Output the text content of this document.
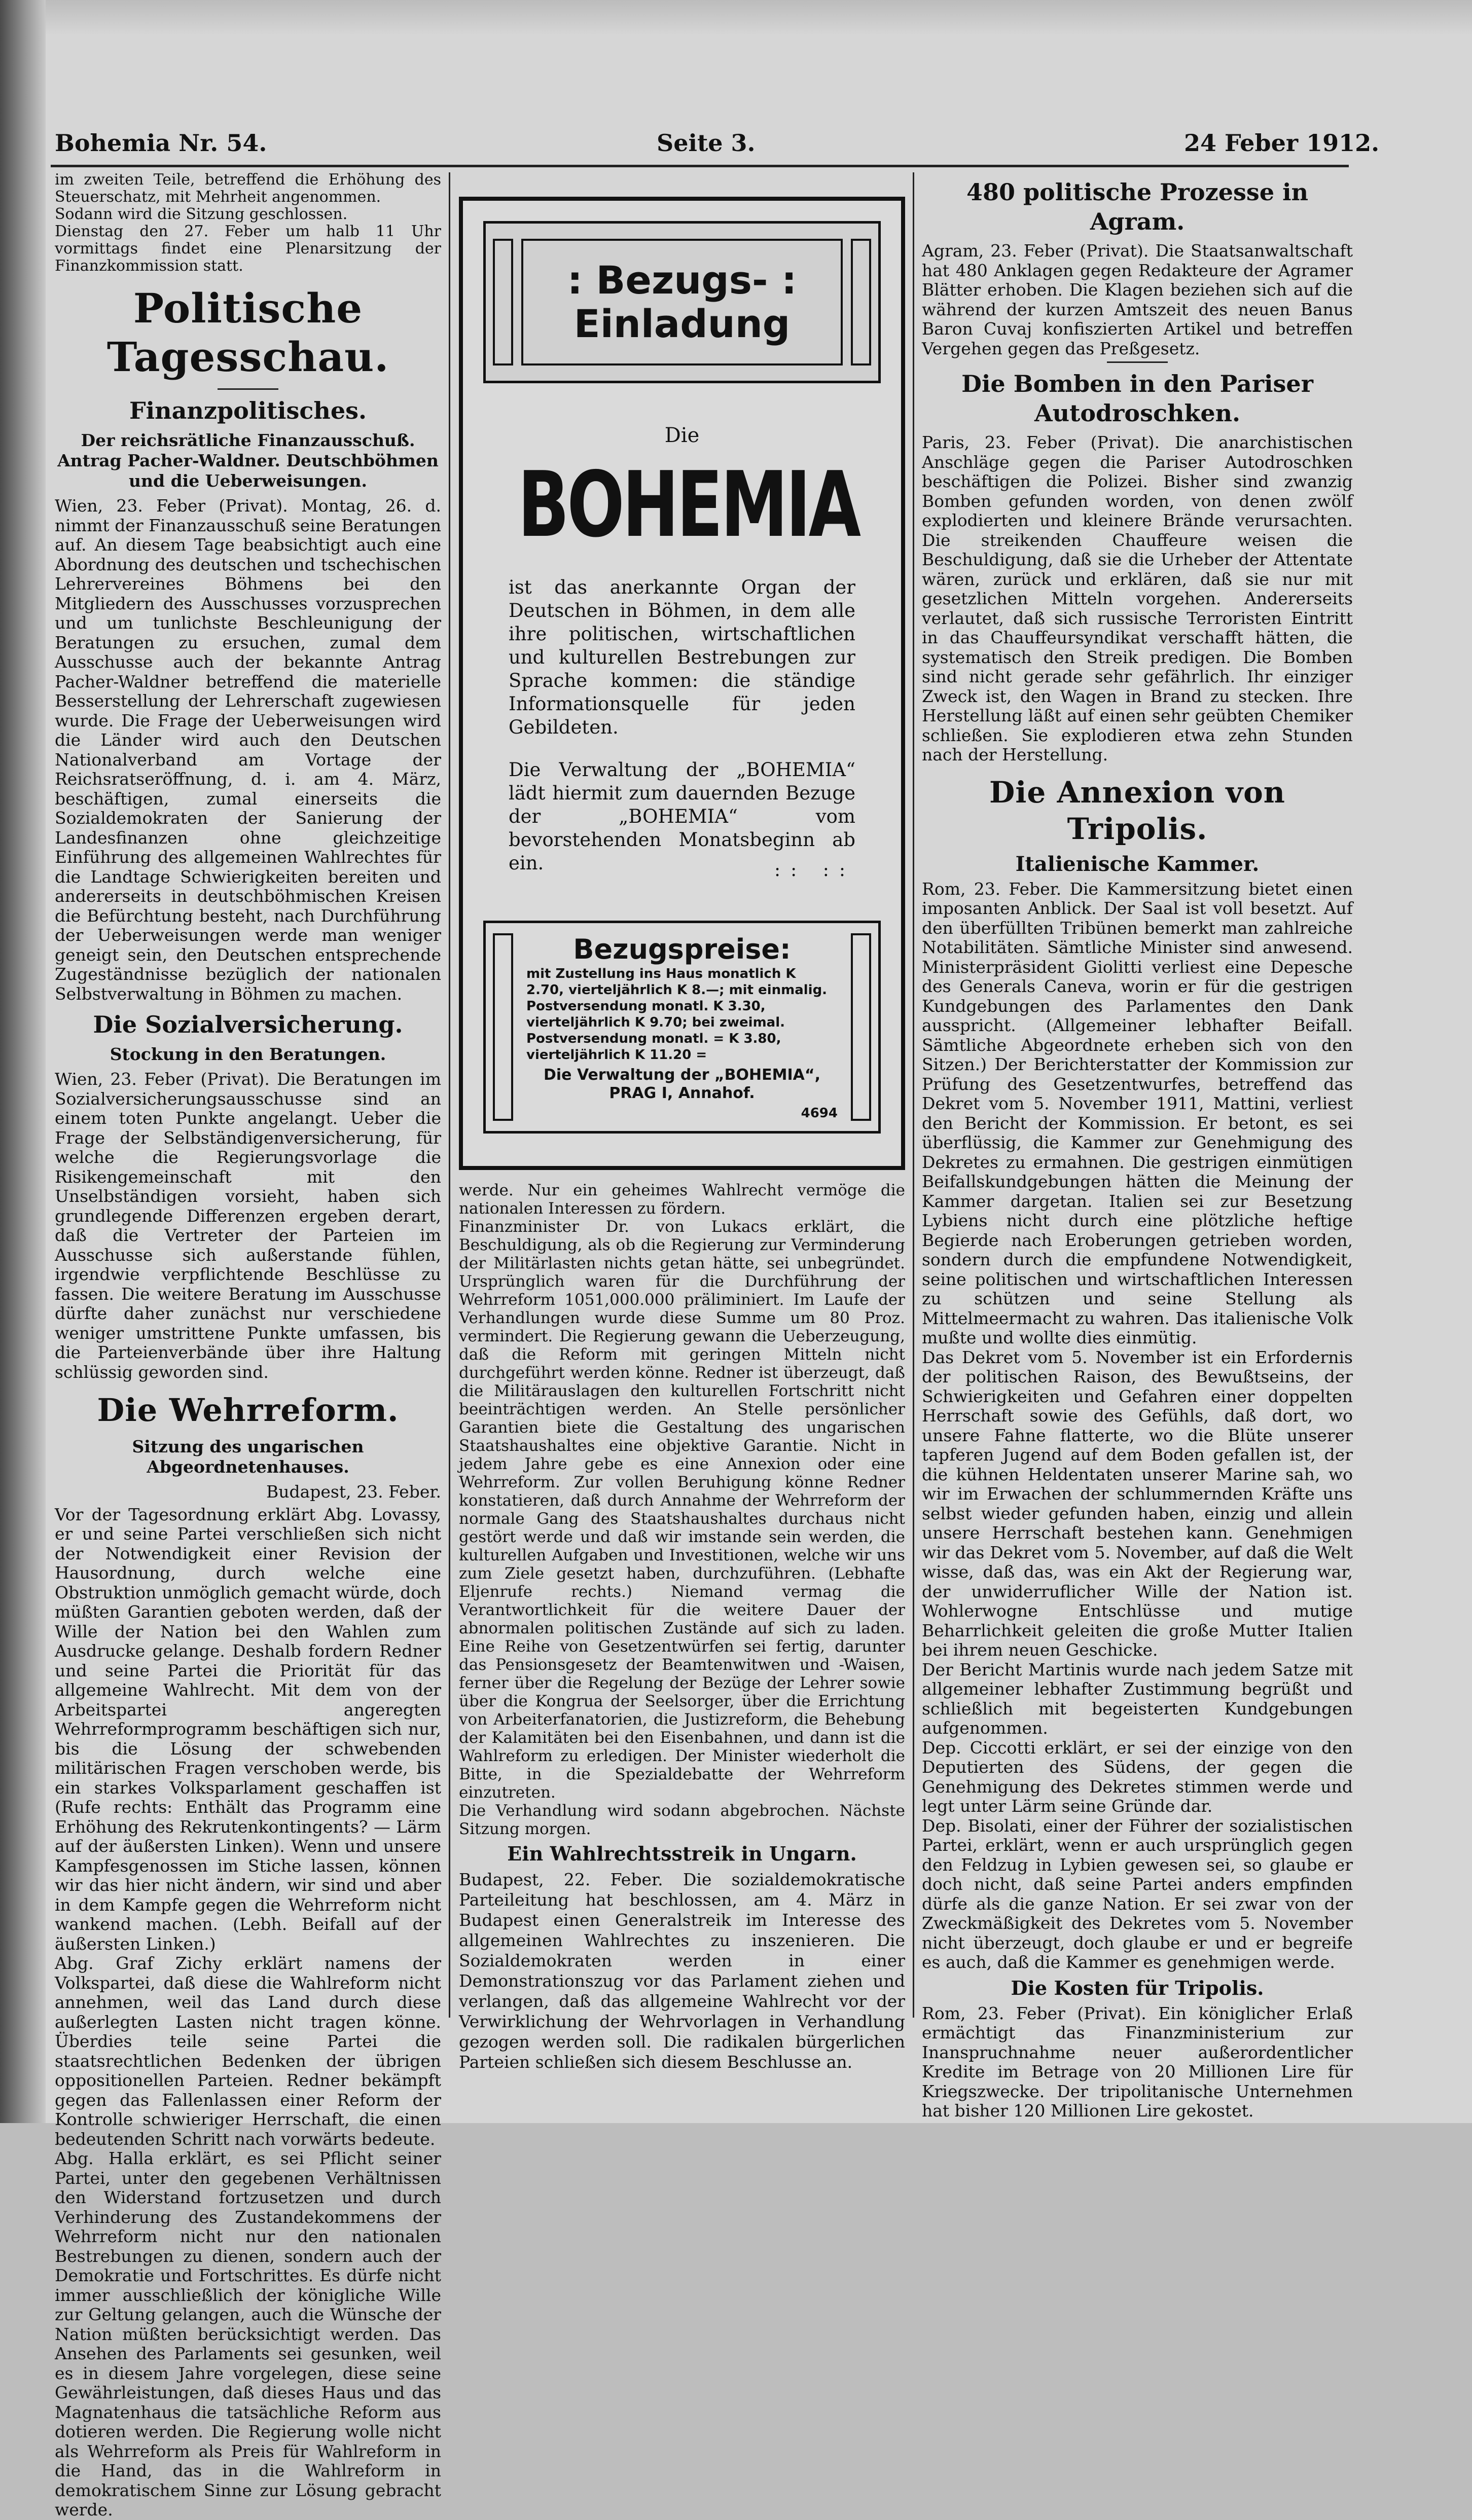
Bohemia Nr. 54.	Seite 3.	24 Feber 1912.

im zweiten Teile, betreffend die Erhöhung des Steuerschatz, mit Mehrheit angenommen.
Sodann wird die Sitzung geschlossen.
Dienstag den 27. Feber um halb 11 Uhr vormittags findet eine Plenarsitzung der Finanzkommission statt.

Politische Tagesschau.
Finanzpolitisches.
Der reichsrätliche Finanzausschuß. Antrag Pacher-Waldner. Deutschböhmen und die Ueberweisungen.

Wien, 23. Feber (Privat). Montag, 26. d. nimmt der Finanzausschuß seine Beratungen auf. An diesem Tage beabsichtigt auch eine Abordnung des deutschen und tschechischen Lehrervereines Böhmens bei den Mitgliedern des Ausschusses vorzusprechen und um tunlichste Beschleunigung der Beratungen zu ersuchen, zumal dem Ausschusse auch der bekannte Antrag Pacher-Waldner betreffend die materielle Besserstellung der Lehrerschaft zugewiesen wurde. Die Frage der Ueberweisungen wird die Länder wird auch den Deutschen Nationalverband am Vortage der Reichsratseröffnung, d. i. am 4. März, beschäftigen, zumal einerseits die Sozialdemokraten der Sanierung der Landesfinanzen ohne gleichzeitige Einführung des allgemeinen Wahlrechtes für die Landtage Schwierigkeiten bereiten und andererseits in deutschböhmischen Kreisen die Befürchtung besteht, nach Durchführung der Ueberweisungen werde man weniger geneigt sein, den Deutschen entsprechende Zugeständnisse bezüglich der nationalen Selbstverwaltung in Böhmen zu machen.

Die Sozialversicherung.
Stockung in den Beratungen.

Wien, 23. Feber (Privat). Die Beratungen im Sozialversicherungsausschusse sind an einem toten Punkte angelangt. Ueber die Frage der Selbständigenversicherung, für welche die Regierungsvorlage die Risikengemeinschaft mit den Unselbständigen vorsieht, haben sich grundlegende Differenzen ergeben derart, daß die Vertreter der Parteien im Ausschusse sich außerstande fühlen, irgendwie verpflichtende Beschlüsse zu fassen. Die weitere Beratung im Ausschusse dürfte daher zunächst nur verschiedene weniger umstrittene Punkte umfassen, bis die Parteienverbände über ihre Haltung schlüssig geworden sind.

Die Wehrreform.
Sitzung des ungarischen Abgeordnetenhauses.

Budapest, 23. Feber.

Vor der Tagesordnung erklärt Abg. Lovassy, er und seine Partei verschließen sich nicht der Notwendigkeit einer Revision der Hausordnung, durch welche eine Obstruktion unmöglich gemacht würde, doch müßten Garantien geboten werden, daß der Wille der Nation bei den Wahlen zum Ausdrucke gelange. Deshalb fordern Redner und seine Partei die Priorität für das allgemeine Wahlrecht. Mit dem von der Arbeitspartei angeregten Wehrreformprogramm beschäftigen sich nur, bis die Lösung der schwebenden militärischen Fragen verschoben werde, bis ein starkes Volksparlament geschaffen ist (Rufe rechts: Enthält das Programm eine Erhöhung des Rekrutenkontingents? — Lärm auf der äußersten Linken). Wenn und unsere Kampfesgenossen im Stiche lassen, können wir das hier nicht ändern, wir sind und aber in dem Kampfe gegen die Wehrreform nicht wankend machen. (Lebh. Beifall auf der äußersten Linken.)
Abg. Graf Zichy erklärt namens der Volkspartei, daß diese die Wahlreform nicht annehmen, weil das Land durch diese außerlegten Lasten nicht tragen könne. Überdies teile seine Partei die staatsrechtlichen Bedenken der übrigen oppositionellen Parteien. Redner bekämpft gegen das Fallenlassen einer Reform der Kontrolle schwieriger Herrschaft, die einen bedeutenden Schritt nach vorwärts bedeute.
Abg. Halla erklärt, es sei Pflicht seiner Partei, unter den gegebenen Verhältnissen den Widerstand fortzusetzen und durch Verhinderung des Zustandekommens der Wehrreform nicht nur den nationalen Bestrebungen zu dienen, sondern auch der Demokratie und Fortschrittes. Es dürfe nicht immer ausschließlich der königliche Wille zur Geltung gelangen, auch die Wünsche der Nation müßten berücksichtigt werden. Das Ansehen des Parlaments sei gesunken, weil es in diesem Jahre vorgelegen, diese seine Gewährleistungen, daß dieses Haus und das Magnatenhaus die tatsächliche Reform aus dotieren werden. Die Regierung wolle nicht als Wehrreform als Preis für Wahlreform in die Hand, das in die Wahlreform in demokratischem Sinne zur Lösung gebracht werde.

: Bezugs- :
Einladung
Die
BOHEMIA
ist das anerkannte Organ der Deutschen in Böhmen, in dem alle ihre politischen, wirtschaftlichen und kulturellen Bestrebungen zur Sprache kommen: die ständige Informationsquelle für jeden Gebildeten.
Die Verwaltung der „BOHEMIA“ lädt hiermit zum dauernden Bezuge der „BOHEMIA“ vom bevorstehenden Monatsbeginn ab ein.	:: ::
Bezugspreise:
mit Zustellung ins Haus monatlich K 2.70, vierteljährlich K 8.—; mit einmalig. Postversendung monatl. K 3.30, vierteljährlich K 9.70; bei zweimal. Postversendung monatl. = K 3.80, vierteljährlich K 11.20 =
Die Verwaltung der „BOHEMIA“, PRAG I, Annahof.
4694

werde. Nur ein geheimes Wahlrecht vermöge die nationalen Interessen zu fördern.
Finanzminister Dr. von Lukacs erklärt, die Beschuldigung, als ob die Regierung zur Verminderung der Militärlasten nichts getan hätte, sei unbegründet. Ursprünglich waren für die Durchführung der Wehrreform 1051,000.000 präliminiert. Im Laufe der Verhandlungen wurde diese Summe um 80 Proz. vermindert. Die Regierung gewann die Ueberzeugung, daß die Reform mit geringen Mitteln nicht durchgeführt werden könne. Redner ist überzeugt, daß die Militärauslagen den kulturellen Fortschritt nicht beeinträchtigen werden. An Stelle persönlicher Garantien biete die Gestaltung des ungarischen Staatshaushaltes eine objektive Garantie. Nicht in jedem Jahre gebe es eine Annexion oder eine Wehrreform. Zur vollen Beruhigung könne Redner konstatieren, daß durch Annahme der Wehrreform der normale Gang des Staatshaushaltes durchaus nicht gestört werde und daß wir imstande sein werden, die kulturellen Aufgaben und Investitionen, welche wir uns zum Ziele gesetzt haben, durchzuführen. (Lebhafte Eljenrufe rechts.) Niemand vermag die Verantwortlichkeit für die weitere Dauer der abnormalen politischen Zustände auf sich zu laden. Eine Reihe von Gesetzentwürfen sei fertig, darunter das Pensionsgesetz der Beamtenwitwen und -Waisen, ferner über die Regelung der Bezüge der Lehrer sowie über die Kongrua der Seelsorger, über die Errichtung von Arbeiterfanatorien, die Justizreform, die Behebung der Kalamitäten bei den Eisenbahnen, und dann ist die Wahlreform zu erledigen. Der Minister wiederholt die Bitte, in die Spezialdebatte der Wehrreform einzutreten.
Die Verhandlung wird sodann abgebrochen. Nächste Sitzung morgen.

Ein Wahlrechtsstreik in Ungarn.

Budapest, 22. Feber. Die sozialdemokratische Parteileitung hat beschlossen, am 4. März in Budapest einen Generalstreik im Interesse des allgemeinen Wahlrechtes zu inszenieren. Die Sozialdemokraten werden in einer Demonstrationszug vor das Parlament ziehen und verlangen, daß das allgemeine Wahlrecht vor der Verwirklichung der Wehrvorlagen in Verhandlung gezogen werden soll. Die radikalen bürgerlichen Parteien schließen sich diesem Beschlusse an.

480 politische Prozesse in Agram.

Agram, 23. Feber (Privat). Die Staatsanwaltschaft hat 480 Anklagen gegen Redakteure der Agramer Blätter erhoben. Die Klagen beziehen sich auf die während der kurzen Amtszeit des neuen Banus Baron Cuvaj konfiszierten Artikel und betreffen Vergehen gegen das Preßgesetz.

Die Bomben in den Pariser Autodroschken.

Paris, 23. Feber (Privat). Die anarchistischen Anschläge gegen die Pariser Autodroschken beschäftigen die Polizei. Bisher sind zwanzig Bomben gefunden worden, von denen zwölf explodierten und kleinere Brände verursachten. Die streikenden Chauffeure weisen die Beschuldigung, daß sie die Urheber der Attentate wären, zurück und erklären, daß sie nur mit gesetzlichen Mitteln vorgehen. Andererseits verlautet, daß sich russische Terroristen Eintritt in das Chauffeursyndikat verschafft hätten, die systematisch den Streik predigen. Die Bomben sind nicht gerade sehr gefährlich. Ihr einziger Zweck ist, den Wagen in Brand zu stecken. Ihre Herstellung läßt auf einen sehr geübten Chemiker schließen. Sie explodieren etwa zehn Stunden nach der Herstellung.

Die Annexion von Tripolis.
Italienische Kammer.

Rom, 23. Feber. Die Kammersitzung bietet einen imposanten Anblick. Der Saal ist voll besetzt. Auf den überfüllten Tribünen bemerkt man zahlreiche Notabilitäten. Sämtliche Minister sind anwesend. Ministerpräsident Giolitti verliest eine Depesche des Generals Caneva, worin er für die gestrigen Kundgebungen des Parlamentes den Dank ausspricht. (Allgemeiner lebhafter Beifall. Sämtliche Abgeordnete erheben sich von den Sitzen.) Der Berichterstatter der Kommission zur Prüfung des Gesetzentwurfes, betreffend das Dekret vom 5. November 1911, Mattini, verliest den Bericht der Kommission. Er betont, es sei überflüssig, die Kammer zur Genehmigung des Dekretes zu ermahnen. Die gestrigen einmütigen Beifallskundgebungen hätten die Meinung der Kammer dargetan. Italien sei zur Besetzung Lybiens nicht durch eine plötzliche heftige Begierde nach Eroberungen getrieben worden, sondern durch die empfundene Notwendigkeit, seine politischen und wirtschaftlichen Interessen zu schützen und seine Stellung als Mittelmeermacht zu wahren. Das italienische Volk mußte und wollte dies einmütig.
Das Dekret vom 5. November ist ein Erfordernis der politischen Raison, des Bewußtseins, der Schwierigkeiten und Gefahren einer doppelten Herrschaft sowie des Gefühls, daß dort, wo unsere Fahne flatterte, wo die Blüte unserer tapferen Jugend auf dem Boden gefallen ist, der die kühnen Heldentaten unserer Marine sah, wo wir im Erwachen der schlummernden Kräfte uns selbst wieder gefunden haben, einzig und allein unsere Herrschaft bestehen kann. Genehmigen wir das Dekret vom 5. November, auf daß die Welt wisse, daß das, was ein Akt der Regierung war, der unwiderruflicher Wille der Nation ist. Wohlerwogne Entschlüsse und mutige Beharrlichkeit geleiten die große Mutter Italien bei ihrem neuen Geschicke.
Der Bericht Martinis wurde nach jedem Satze mit allgemeiner lebhafter Zustimmung begrüßt und schließlich mit begeisterten Kundgebungen aufgenommen.
Dep. Ciccotti erklärt, er sei der einzige von den Deputierten des Südens, der gegen die Genehmigung des Dekretes stimmen werde und legt unter Lärm seine Gründe dar.
Dep. Bisolati, einer der Führer der sozialistischen Partei, erklärt, wenn er auch ursprünglich gegen den Feldzug in Lybien gewesen sei, so glaube er doch nicht, daß seine Partei anders empfinden dürfe als die ganze Nation. Er sei zwar von der Zweckmäßigkeit des Dekretes vom 5. November nicht überzeugt, doch glaube er und er begreife es auch, daß die Kammer es genehmigen werde.

Die Kosten für Tripolis.

Rom, 23. Feber (Privat). Ein königlicher Erlaß ermächtigt das Finanzministerium zur Inanspruchnahme neuer außerordentlicher Kredite im Betrage von 20 Millionen Lire für Kriegszwecke. Der tripolitanische Unternehmen hat bisher 120 Millionen Lire gekostet.
